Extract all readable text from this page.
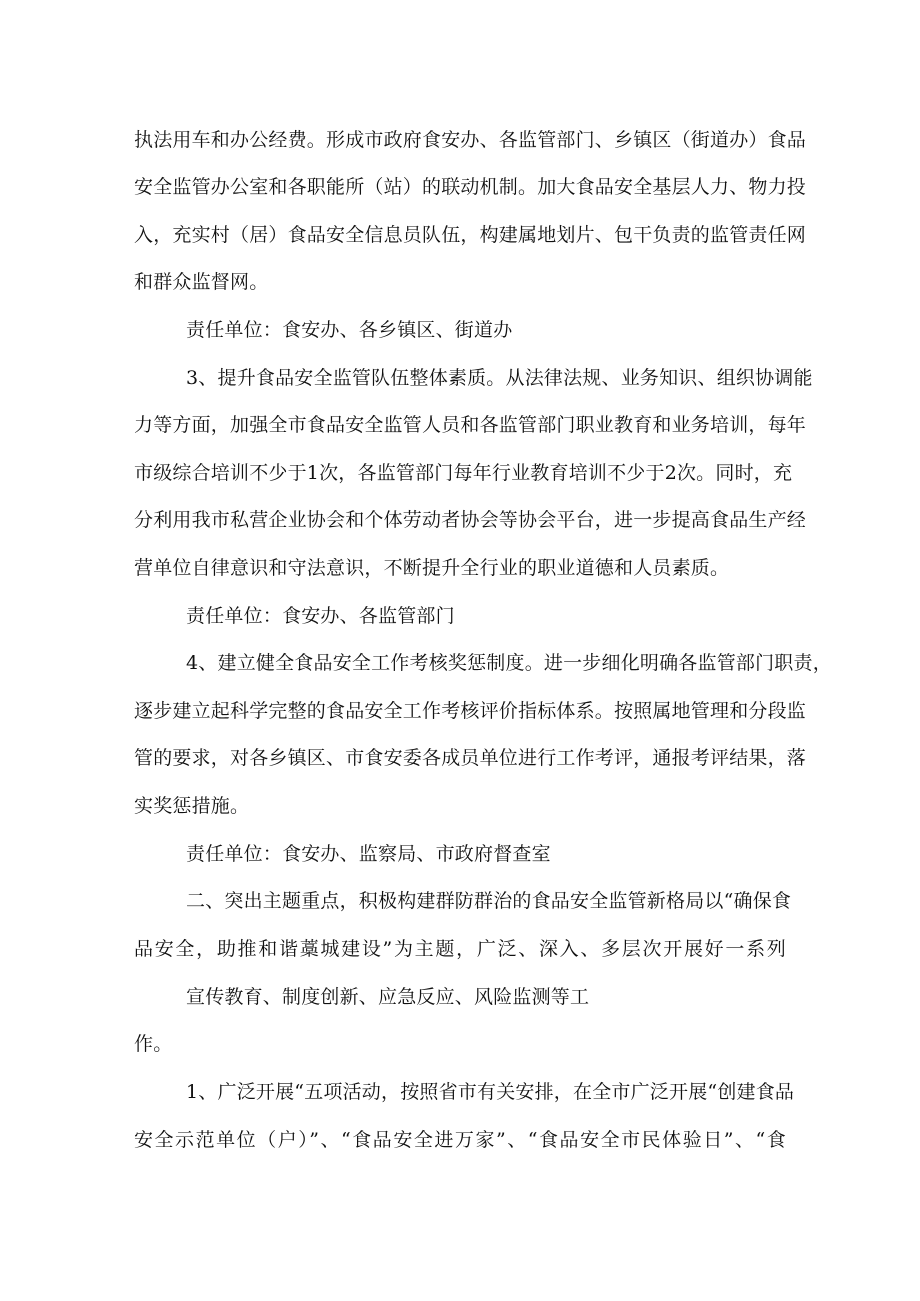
执法用车和办公经费。形成市政府食安办、各监管部门、乡镇区（街道办）食品
安全监管办公室和各职能所（站）的联动机制。加大食品安全基层人力、物力投
入，充实村（居）食品安全信息员队伍，构建属地划片、包干负责的监管责任网
和群众监督网。
责任单位：食安办、各乡镇区、街道办
3、提升食品安全监管队伍整体素质。从法律法规、业务知识、组织协调能
力等方面，加强全市食品安全监管人员和各监管部门职业教育和业务培训，每年
市级综合培训不少于1次，各监管部门每年行业教育培训不少于2次。同时，充
分利用我市私营企业协会和个体劳动者协会等协会平台，进一步提高食品生产经
营单位自律意识和守法意识，不断提升全行业的职业道德和人员素质。
责任单位：食安办、各监管部门
4、建立健全食品安全工作考核奖惩制度。进一步细化明确各监管部门职责，
逐步建立起科学完整的食品安全工作考核评价指标体系。按照属地管理和分段监
管的要求，对各乡镇区、市食安委各成员单位进行工作考评，通报考评结果，落
实奖惩措施。
责任单位：食安办、监察局、市政府督查室
二、突出主题重点，积极构建群防群治的食品安全监管新格局以“确保食
品安全，助推和谐藁城建设”为主题，广泛、深入、多层次开展好一系列
宣传教育、制度创新、应急反应、风险监测等工
作。
1、广泛开展“五项活动，按照省市有关安排，在全市广泛开展“创建食品
安全示范单位（户）”、“食品安全进万家”、“食品安全市民体验日”、“食
